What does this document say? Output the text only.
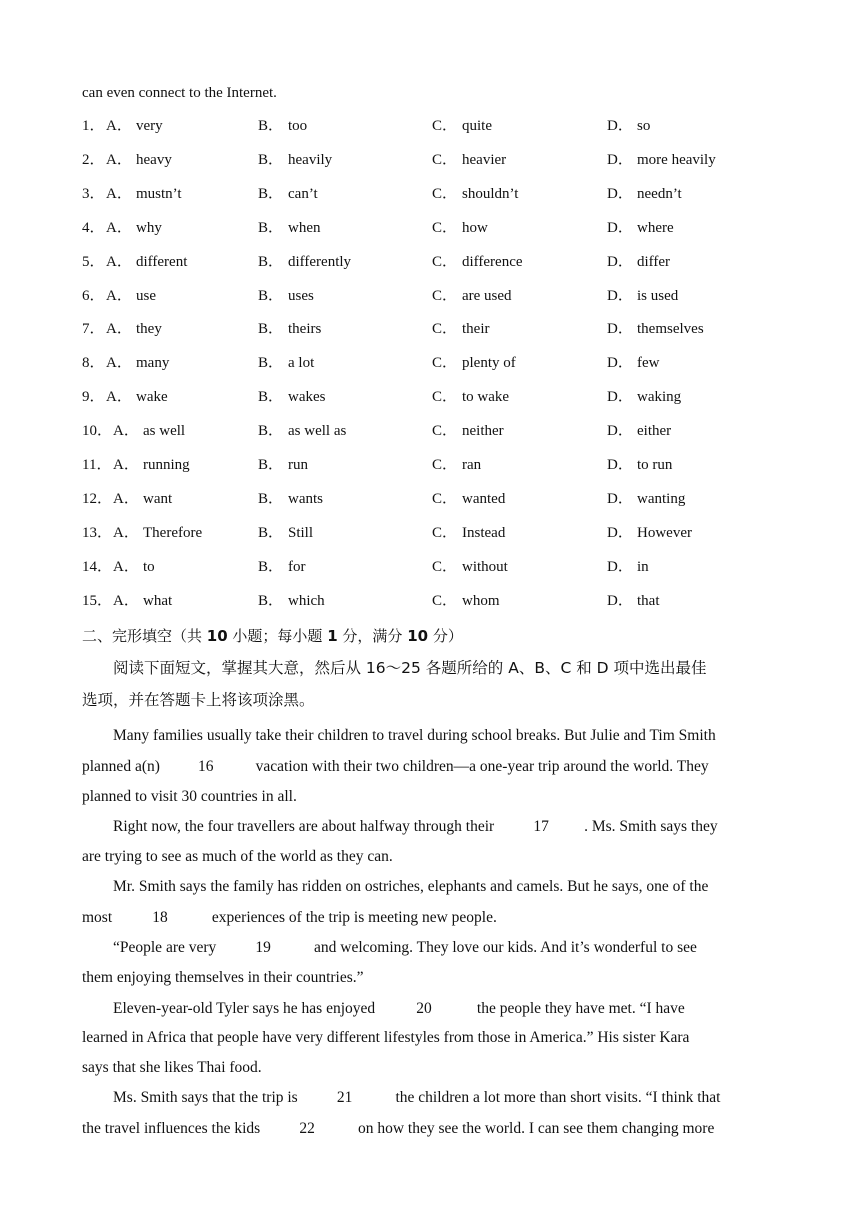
can even connect to the Internet.
1． A． very	B． too	C． quite	D． so
2． A． heavy	B． heavily	C． heavier	D． more heavily
3． A． mustn’t	B． can’t	C． shouldn’t	D． needn’t
4． A． why	B． when	C． how	D． where
5． A． different	B． differently	C． difference	D． differ
6． A． use	B． uses	C． are used	D． is used
7． A． they	B． theirs	C． their	D． themselves
8． A． many	B． a lot	C． plenty of	D． few
9． A． wake	B． wakes	C． to wake	D． waking
10． A． as well	B． as well as	C． neither	D． either
11． A． running	B． run	C． ran	D． to run
12． A． want	B． wants	C． wanted	D． wanting
13． A． Therefore	B． Still	C． Instead	D． However
14． A． to	B． for	C． without	D． in
15． A． what	B． which	C． whom	D． that
二、完形填空（共 10 小题；每小题 1 分，满分 10 分）
阅读下面短文，掌握其大意，然后从 16～25 各题所给的 A、B、C 和 D 项中选出最佳
选项，并在答题卡上将该项涂黑。
Many families usually take their children to travel during school breaks. But Julie and Tim Smith
planned a(n) 16	vacation with their two children—a one-year trip around the world. They
planned to visit 30 countries in all.
Right now, the four travellers are about halfway through their	17 . Ms. Smith says they
are trying to see as much of the world as they can.
Mr. Smith says the family has ridden on ostriches, elephants and camels. But he says, one of the
most	18	experiences of the trip is meeting new people.
“People are very	19	and welcoming. They love our kids. And it’s wonderful to see
them enjoying themselves in their countries.”
Eleven-year-old Tyler says he has enjoyed	20	the people they have met. “I have
learned in Africa that people have very different lifestyles from those in America.” His sister Kara
says that she likes Thai food.
Ms. Smith says that the trip is	21	the children a lot more than short visits. “I think that
the travel influences the kids	22	on how they see the world. I can see them changing more
